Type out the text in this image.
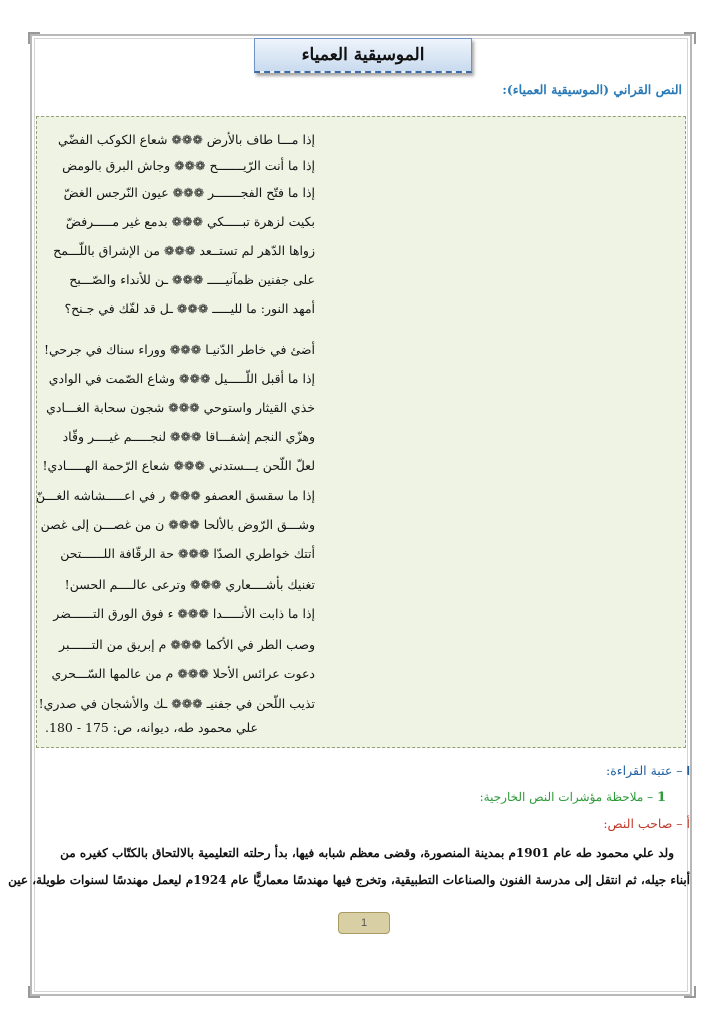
الموسيقية العمياء
النص القراني (الموسيقية العمياء):
إذا مـــا طاف بالأرض ❁❁❁ شعاع الكوكب الفضّي
إذا ما أنت الرّيـــــــح ❁❁❁ وجاش البرق بالومض
إذا ما فتّح الفجـــــــر ❁❁❁ عيون النّرجس الغضّ
بكيت لزهرة تبـــــكي ❁❁❁ بدمع غير مـــــرفضّ
زواها الدّهر لم تستــعد ❁❁❁ من الإشراق باللّـــمح
على جفنين ظمآنيـــــ ❁❁❁ ـن للأنداء والصّـــبح
أمهد النور: ما لليـــــ ❁❁❁ ـل قد لفّك في جـنح؟
أضئ في خاطر الدّنيـا ❁❁❁ ووراء سناك في جرحي!
إذا ما أقبل اللّـــــيل ❁❁❁ وشاع الصّمت في الوادي
خذي القيثار واستوحي ❁❁❁ شجون سحابة الغـــادي
وهزّي النجم إشفـــاقا ❁❁❁ لنجـــــم غيــــر وقّاد
لعلّ اللّحن يـــستدني ❁❁❁ شعاع الرّحمة الهـــــادي!
إذا ما سقسق العصفو ❁❁❁ ر في اعـــــشاشه الغـــنّ
وشـــق الرّوض بالألحا ❁❁❁ ن من غصـــن إلى غصن
أتتك خواطري الصدّا ❁❁❁ حة الرقّافة اللــــــتحن
تغنيك بأشــــعاري ❁❁❁ وترعى عالــــم الحسن!
إذا ما ذابت الأنـــــدا ❁❁❁ ء فوق الورق التــــــضر
وصب الطر في الأكما ❁❁❁ م إبريق من التــــــبر
دعوت عرائس الأحلا ❁❁❁ م من عالمها السّـــحري
تذيب اللّحن في جفنيـ ❁❁❁ ـك والأشجان في صدري!
علي محمود طه، ديوانه، ص: 175 - 180.
I – عتبة القراءة:
1 – ملاحظة مؤشرات النص الخارجية:
أ – صاحب النص:
ولد علي محمود طه عام 1901م بمدينة المنصورة، وقضى معظم شبابه فيها، بدأ رحلته التعليمية بالالتحاق بالكتّاب كغيره من
أبناء جيله، ثم انتقل إلى مدرسة الفنون والصناعات التطبيقية، وتخرج فيها مهندسًا معماريًّا عام 1924م ليعمل مهندسًا لسنوات طويلة، عين
1
